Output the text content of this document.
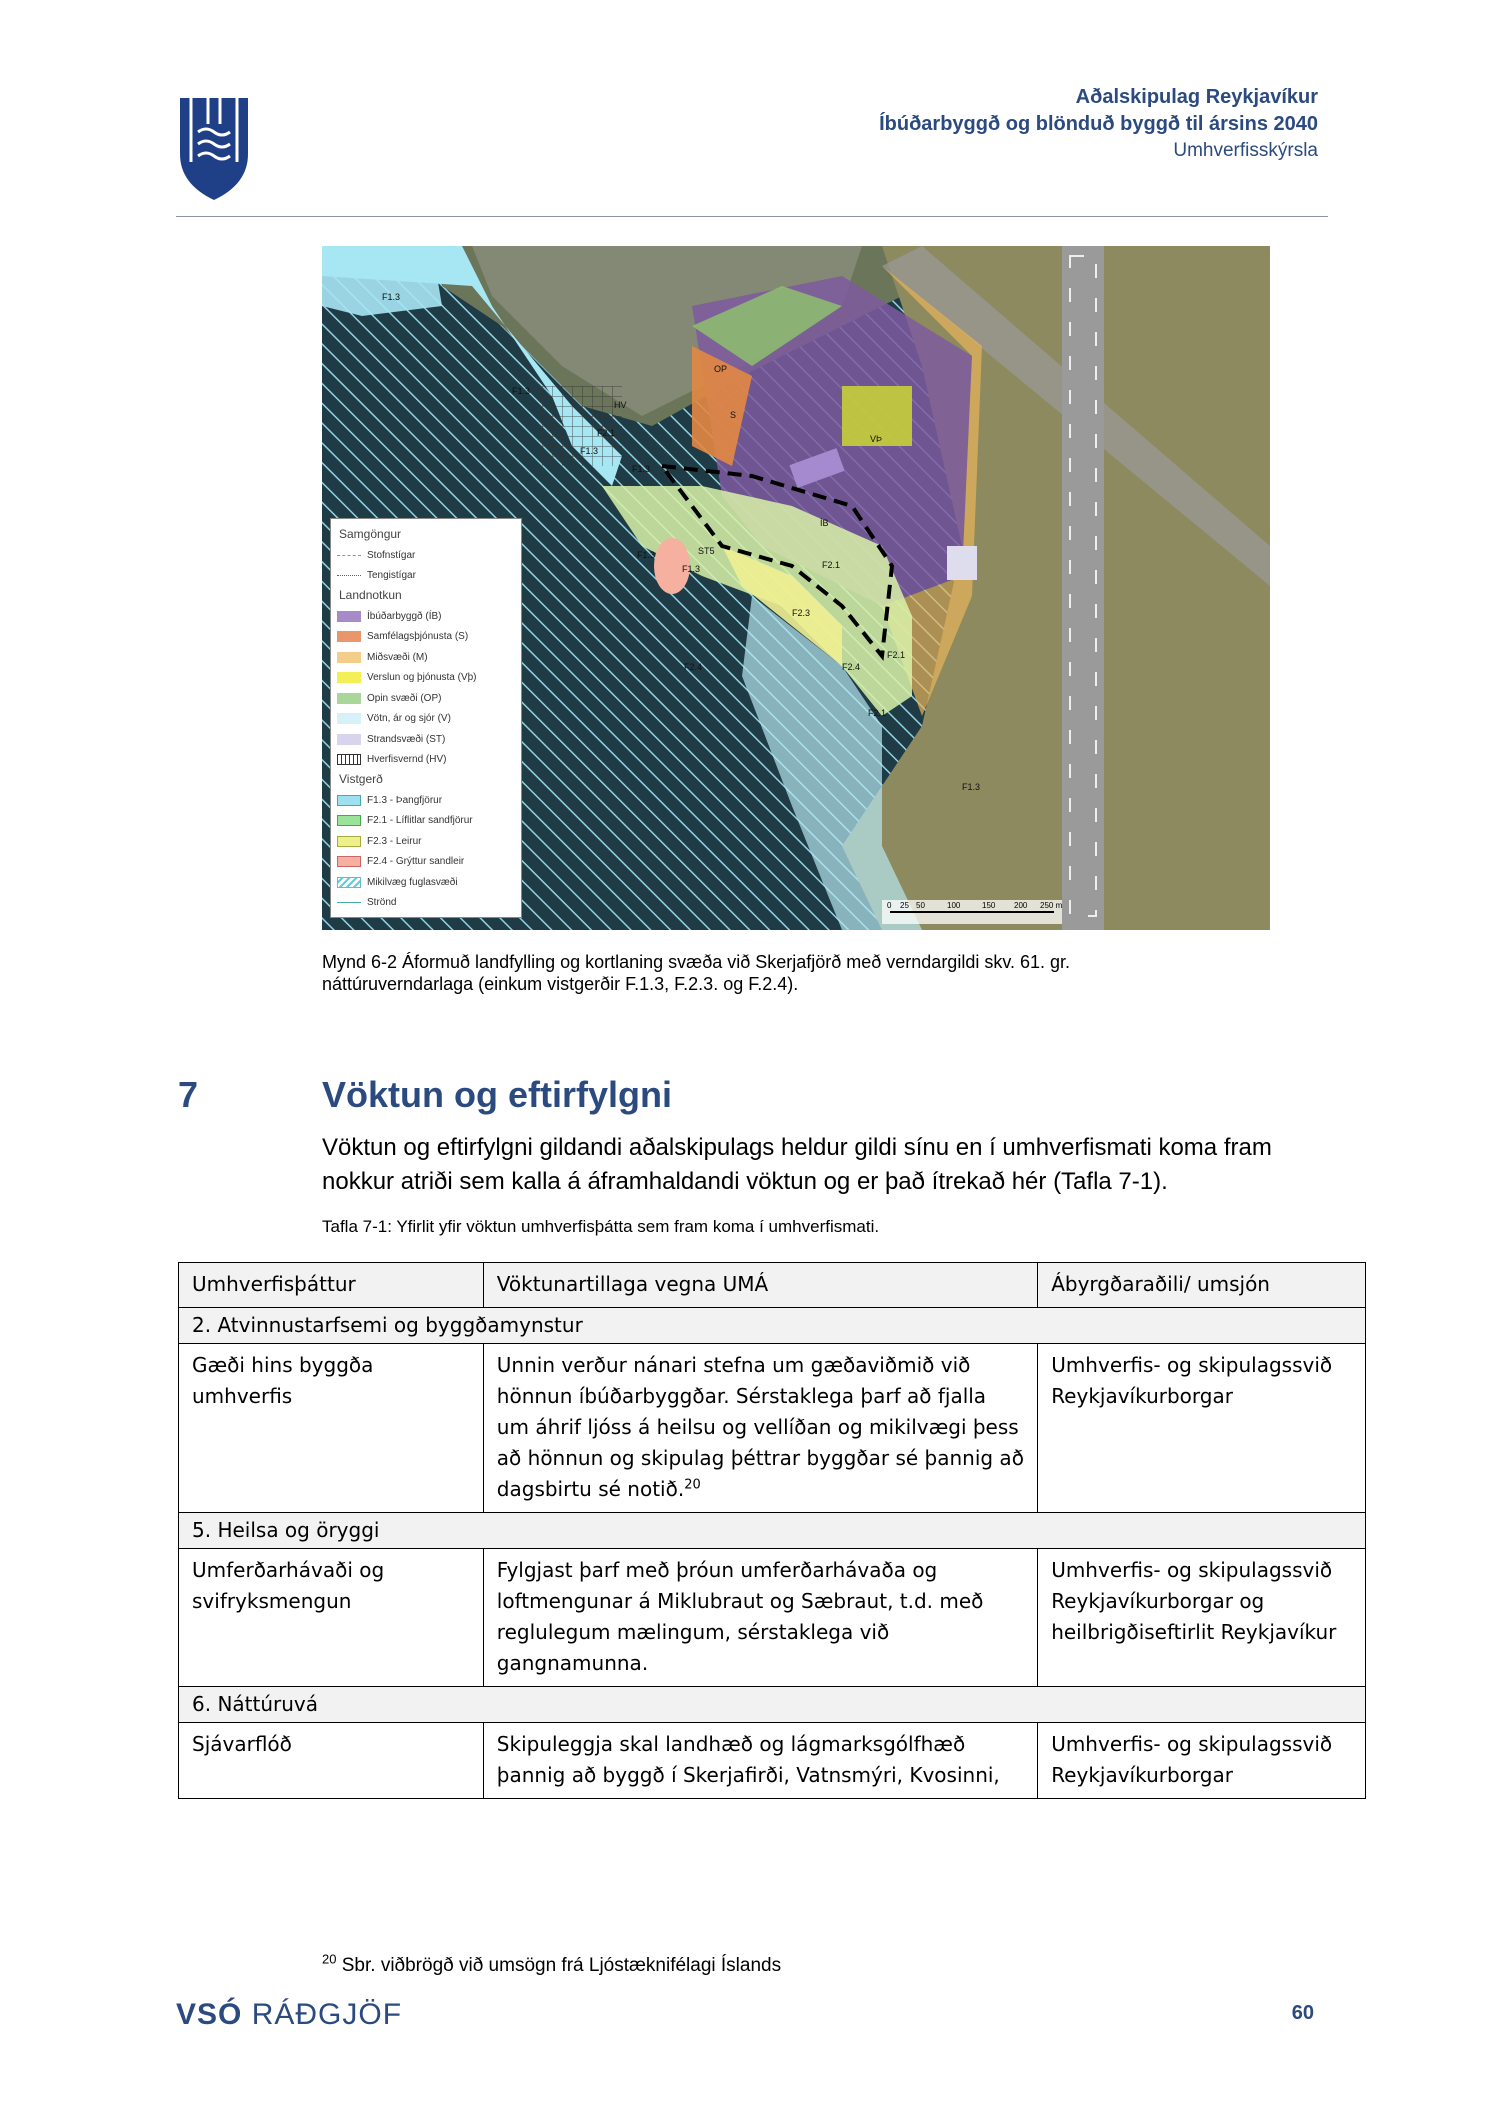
Aðalskipulag Reykjavíkur
Íbúðarbyggð og blönduð byggð til ársins 2040
Umhverfisskýrsla
F1.3
F1.3
HV
OP
S
VÞ
ÍB
F2.1
F1.3
F1.3
F1.3
F1.3
ST5
F2.1
F2.3
F2.4	F2.4
F2.1
F2.1
F1.3
0 25 50	100	150 200 250 m
Samgöngur
Stofnstígar
Tengistígar
Landnotkun
Íbúðarbyggð (ÍB)
Samfélagsþjónusta (S)
Miðsvæði (M)
Verslun og þjónusta (Vþ)
Opin svæði (OP)
Vötn, ár og sjór (V)
Strandsvæði (ST)
Hverfisvernd (HV)
Vistgerð
F1.3 - Þangfjörur
F2.1 - Líflitlar sandfjörur
F2.3 - Leirur
F2.4 - Grýttur sandleir
Mikilvæg fuglasvæði
Strönd
Mynd 6-2 Áformuð landfylling og kortlaning svæða við Skerjafjörð með verndargildi skv. 61. gr. náttúruverndarlaga (einkum vistgerðir F.1.3, F.2.3. og F.2.4).
7	Vöktun og eftirfylgni
Vöktun og eftirfylgni gildandi aðalskipulags heldur gildi sínu en í umhverfismati koma fram nokkur atriði sem kalla á áframhaldandi vöktun og er það ítrekað hér (Tafla 7-1).
Tafla 7-1: Yfirlit yfir vöktun umhverfisþátta sem fram koma í umhverfismati.
Umhverfisþáttur	Vöktunartillaga vegna UMÁ	Ábyrgðaraðili/ umsjón
2. Atvinnustarfsemi og byggðamynstur		
Gæði hins byggða umhverfis	Unnin verður nánari stefna um gæðaviðmið við hönnun íbúðarbyggðar. Sérstaklega þarf að fjalla um áhrif ljóss á heilsu og vellíðan og mikilvægi þess að hönnun og skipulag þéttrar byggðar sé þannig að dagsbirtu sé notið.$^{20}$	Umhverfis- og skipulagssvið Reykjavíkurborgar
5. Heilsa og öryggi		
Umferðarhávaði og svifryksmengun	Fylgjast þarf með þróun umferðarhávaða og loftmengunar á Miklubraut og Sæbraut, t.d. með reglulegum mælingum, sérstaklega við gangnamunna.	Umhverfis- og skipulagssvið Reykjavíkurborgar og heilbrigðiseftirlit Reykjavíkur
6. Náttúruvá		
Sjávarflóð	Skipuleggja skal landhæð og lágmarksgólfhæð þannig að byggð í Skerjafirði, Vatnsmýri, Kvosinni,	Umhverfis- og skipulagssvið Reykjavíkurborgar
$^{20}$ Sbr. viðbrögð við umsögn frá Ljóstæknifélagi Íslands
VSÓ RÁÐGJÖF	60
